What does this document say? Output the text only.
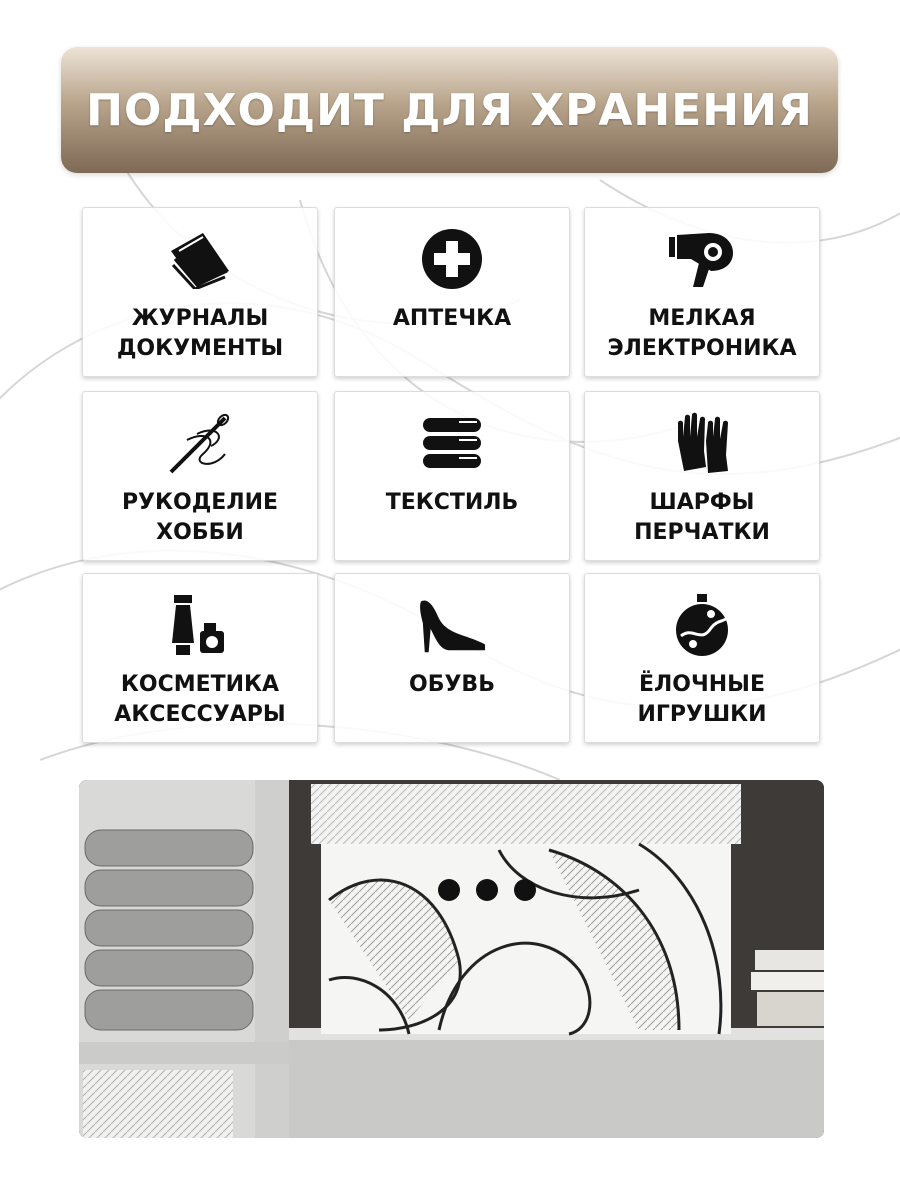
ПОДХОДИТ ДЛЯ ХРАНЕНИЯ
ЖУРНАЛЫ
ДОКУМЕНТЫ
АПТЕЧКА	МЕЛКАЯ
ЭЛЕКТРОНИКА
РУКОДЕЛИЕ
ХОББИ
ТЕКСТИЛЬ	ШАРФЫ
ПЕРЧАТКИ
КОСМЕТИКА
АКСЕССУАРЫ
ОБУВЬ	ЁЛОЧНЫЕ
ИГРУШКИ
